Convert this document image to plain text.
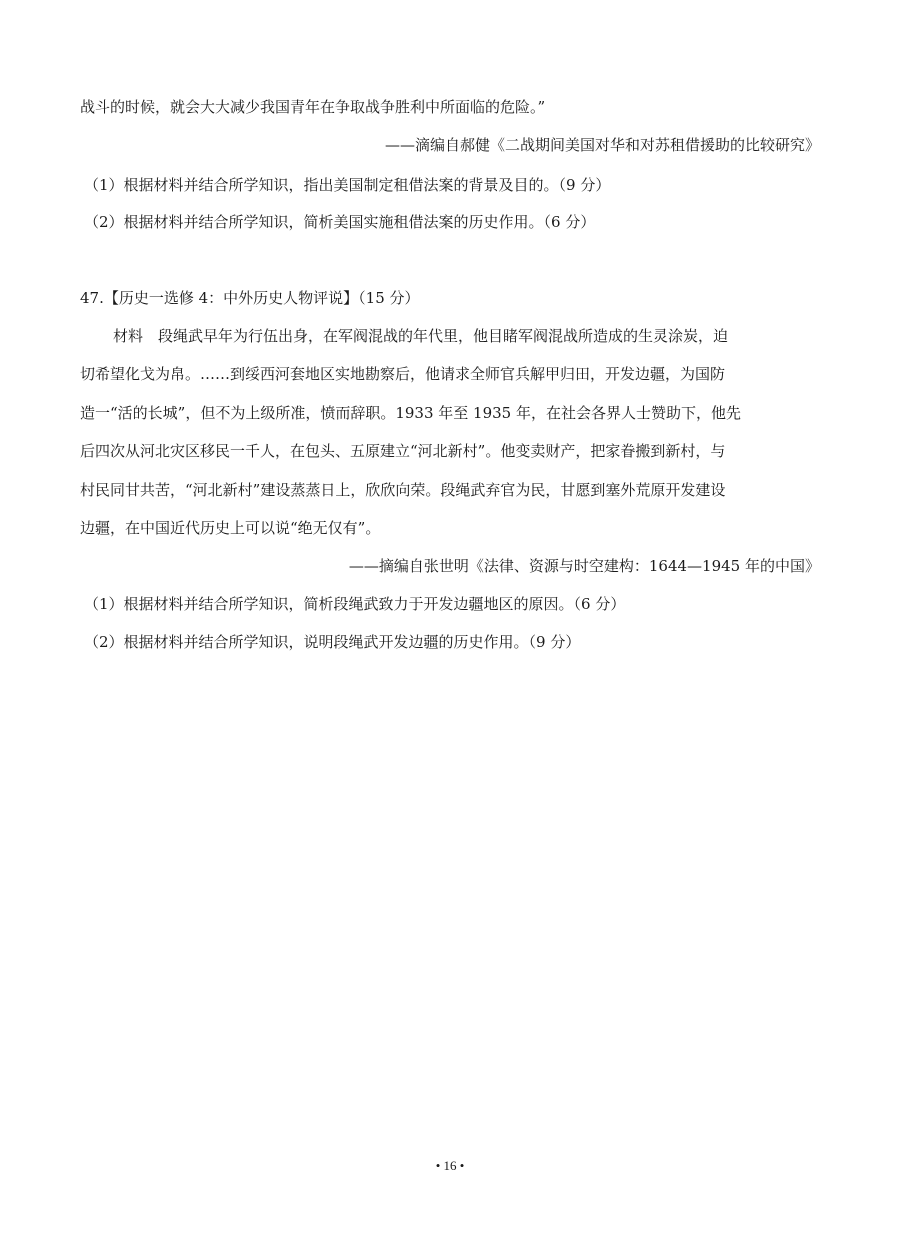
战斗的时候，就会大大减少我国青年在争取战争胜利中所面临的危险。”
——滴编自郝健《二战期间美国对华和对苏租借援助的比较研究》
（1）根据材料并结合所学知识，指出美国制定租借法案的背景及目的。（9 分）
（2）根据材料并结合所学知识，简析美国实施租借法案的历史作用。（6 分）
47.【历史一选修 4：中外历史人物评说】（15 分）
材料　段绳武早年为行伍出身，在军阀混战的年代里，他目睹军阀混战所造成的生灵涂炭，迫
切希望化戈为帛。……到绥西河套地区实地勘察后，他请求全师官兵解甲归田，开发边疆，为国防
造一“活的长城”，但不为上级所准，愤而辞职。1933 年至 1935 年，在社会各界人士赞助下，他先
后四次从河北灾区移民一千人，在包头、五原建立“河北新村”。他变卖财产，把家眷搬到新村，与
村民同甘共苦，“河北新村”建设蒸蒸日上，欣欣向荣。段绳武弃官为民，甘愿到塞外荒原开发建设
边疆，在中国近代历史上可以说“绝无仅有”。
——摘编自张世明《法律、资源与时空建构：1644—1945 年的中国》
（1）根据材料并结合所学知识，简析段绳武致力于开发边疆地区的原因。（6 分）
（2）根据材料并结合所学知识，说明段绳武开发边疆的历史作用。（9 分）
• 16 •
